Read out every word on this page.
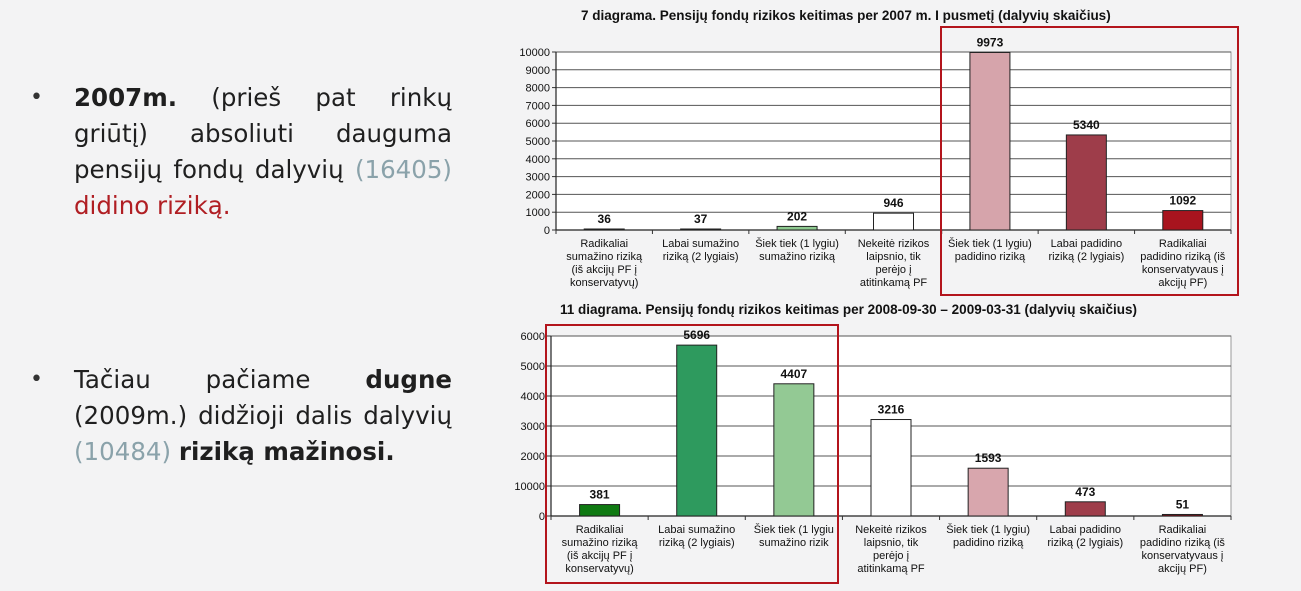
• 2007m. (prieš pat rinkų griūtį) absoliuti dauguma pensijų fondų dalyvių (16405) didino riziką.
• Tačiau pačiame dugne (2009m.) didžioji dalis dalyvių (10484) riziką mažinosi.
7 diagrama. Pensijų fondų rizikos keitimas per 2007 m. I pusmetį (dalyvių skaičius)
0
1000
2000
3000
4000
5000
6000
7000
8000
9000
10000
36
Radikaliai
sumažino riziką
(iš akcijų PF į
konservatyvų)
37
Labai sumažino
riziką (2 lygiais)
202
Šiek tiek (1 lygiu)
sumažino riziką
946
Nekeitė rizikos
laipsnio, tik
perėjo į
atitinkamą PF
9973
Šiek tiek (1 lygiu)
padidino riziką
5340
Labai padidino
riziką (2 lygiais)
1092
Radikaliai
padidino riziką (iš
konservatyvaus į
akcijų PF)
11 diagrama. Pensijų fondų rizikos keitimas per 2008-09-30 – 2009-03-31 (dalyvių skaičius)
0
10000
2000
3000
4000
5000
6000
381
Radikaliai
sumažino riziką
(iš akcijų PF į
konservatyvų)
5696
Labai sumažino
riziką (2 lygiais)
4407
Šiek tiek (1 lygiu
sumažino rizik
3216
Nekeitė rizikos
laipsnio, tik
perėjo į
atitinkamą PF
1593
Šiek tiek (1 lygiu)
padidino riziką
473
Labai padidino
riziką (2 lygiais)
51
Radikaliai
padidino riziką (iš
konservatyvaus į
akcijų PF)
